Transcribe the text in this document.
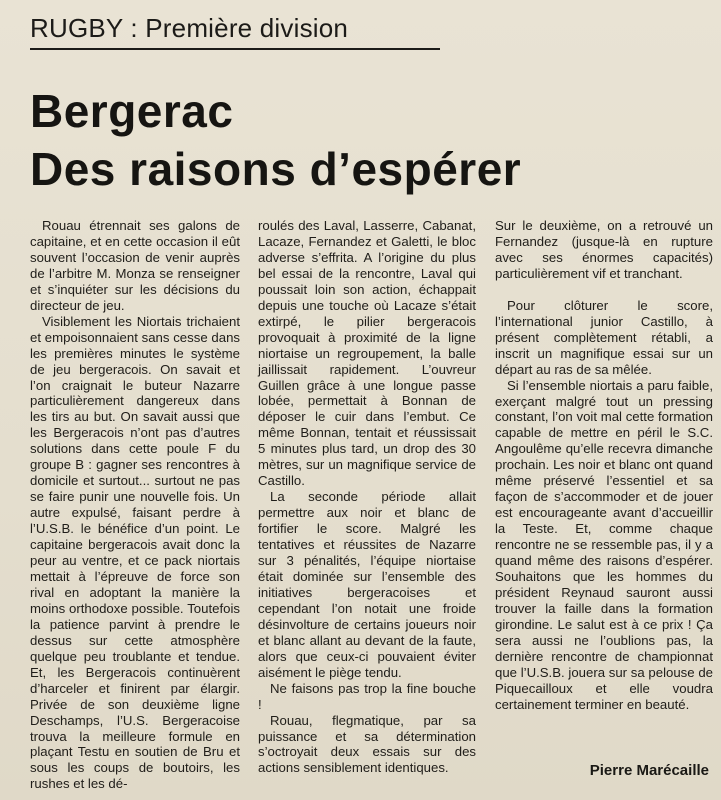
RUGBY : Première division
Bergerac
Des raisons d’espérer

Rouau étrennait ses galons de capitaine, et en cette occasion il eût souvent l’occasion de venir auprès de l’arbitre M. Monza se renseigner et s’inquiéter sur les décisions du directeur de jeu.

Visiblement les Niortais trichaient et empoisonnaient sans cesse dans les premières minutes le système de jeu bergeracois. On savait et l’on craignait le buteur Nazarre particulièrement dangereux dans les tirs au but. On savait aussi que les Bergeracois n’ont pas d’autres solutions dans cette poule F du groupe B : gagner ses rencontres à domicile et surtout... surtout ne pas se faire punir une nouvelle fois. Un autre expulsé, faisant perdre à l’U.S.B. le bénéfice d’un point. Le capitaine bergeracois avait donc la peur au ventre, et ce pack niortais mettait à l’épreuve de force son rival en adoptant la manière la moins orthodoxe possible. Toutefois la patience parvint à prendre le dessus sur cette atmosphère quelque peu troublante et tendue. Et, les Bergeracois continuèrent d’harceler et finirent par élargir. Privée de son deuxième ligne Deschamps, l’U.S. Bergeracoise trouva la meilleure formule en plaçant Testu en soutien de Bru et sous les coups de boutoirs, les rushes et les dé-

roulés des Laval, Lasserre, Cabanat, Lacaze, Fernandez et Galetti, le bloc adverse s’effrita. A l’origine du plus bel essai de la rencontre, Laval qui poussait loin son action, échappait depuis une touche où Lacaze s’était extirpé, le pilier bergeracois provoquait à proximité de la ligne niortaise un regroupement, la balle jaillissait rapidement. L’ouvreur Guillen grâce à une longue passe lobée, permettait à Bonnan de déposer le cuir dans l’embut. Ce même Bonnan, tentait et réussissait 5 minutes plus tard, un drop des 30 mètres, sur un magnifique service de Castillo.

La seconde période allait permettre aux noir et blanc de fortifier le score. Malgré les tentatives et réussites de Nazarre sur 3 pénalités, l’équipe niortaise était dominée sur l’ensemble des initiatives bergeracoises et cependant l’on notait une froide désinvolture de certains joueurs noir et blanc allant au devant de la faute, alors que ceux-ci pouvaient éviter aisément le piège tendu.

Ne faisons pas trop la fine bouche !

Rouau, flegmatique, par sa puissance et sa détermination s’octroyait deux essais sur des actions sensiblement identiques.

Sur le deuxième, on a retrouvé un Fernandez (jusque-là en rupture avec ses énormes capacités) particulièrement vif et tranchant.

Pour clôturer le score, l’international junior Castillo, à présent complètement rétabli, a inscrit un magnifique essai sur un départ au ras de sa mêlée.

Si l’ensemble niortais a paru faible, exerçant malgré tout un pressing constant, l’on voit mal cette formation capable de mettre en péril le S.C. Angoulême qu’elle recevra dimanche prochain. Les noir et blanc ont quand même préservé l’essentiel et sa façon de s’accommoder et de jouer est encourageante avant d’accueillir la Teste. Et, comme chaque rencontre ne se ressemble pas, il y a quand même des raisons d’espérer. Souhaitons que les hommes du président Reynaud sauront aussi trouver la faille dans la formation girondine. Le salut est à ce prix ! Ça sera aussi ne l’oublions pas, la dernière rencontre de championnat que l’U.S.B. jouera sur sa pelouse de Piquecailloux et elle voudra certainement terminer en beauté.

Pierre Marécaille
